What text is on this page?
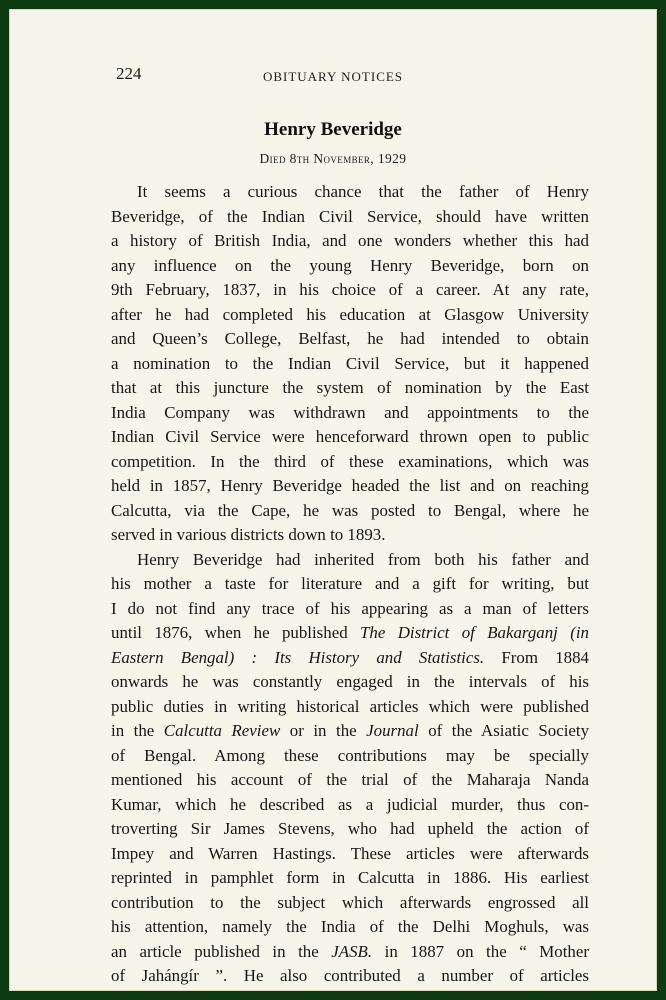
224	OBITUARY NOTICES
Henry Beveridge
Died 8th November, 1929

It seems a curious chance that the father of Henry
Beveridge, of the Indian Civil Service, should have written
a history of British India, and one wonders whether this had
any influence on the young Henry Beveridge, born on
9th February, 1837, in his choice of a career. At any rate,
after he had completed his education at Glasgow University
and Queen’s College, Belfast, he had intended to obtain
a nomination to the Indian Civil Service, but it happened
that at this juncture the system of nomination by the East
India Company was withdrawn and appointments to the
Indian Civil Service were henceforward thrown open to public
competition. In the third of these examinations, which was
held in 1857, Henry Beveridge headed the list and on reaching
Calcutta, via the Cape, he was posted to Bengal, where he
served in various districts down to 1893.

Henry Beveridge had inherited from both his father and
his mother a taste for literature and a gift for writing, but
I do not find any trace of his appearing as a man of letters
until 1876, when he published The District of Bakarganj (in
Eastern Bengal) : Its History and Statistics. From 1884
onwards he was constantly engaged in the intervals of his
public duties in writing historical articles which were published
in the Calcutta Review or in the Journal of the Asiatic Society
of Bengal. Among these contributions may be specially
mentioned his account of the trial of the Maharaja Nanda
Kumar, which he described as a judicial murder, thus con-
troverting Sir James Stevens, who had upheld the action of
Impey and Warren Hastings. These articles were afterwards
reprinted in pamphlet form in Calcutta in 1886. His earliest
contribution to the subject which afterwards engrossed all
his attention, namely the India of the Delhi Moghuls, was
an article published in the JASB. in 1887 on the “ Mother
of Jahángír ”. He also contributed a number of articles
